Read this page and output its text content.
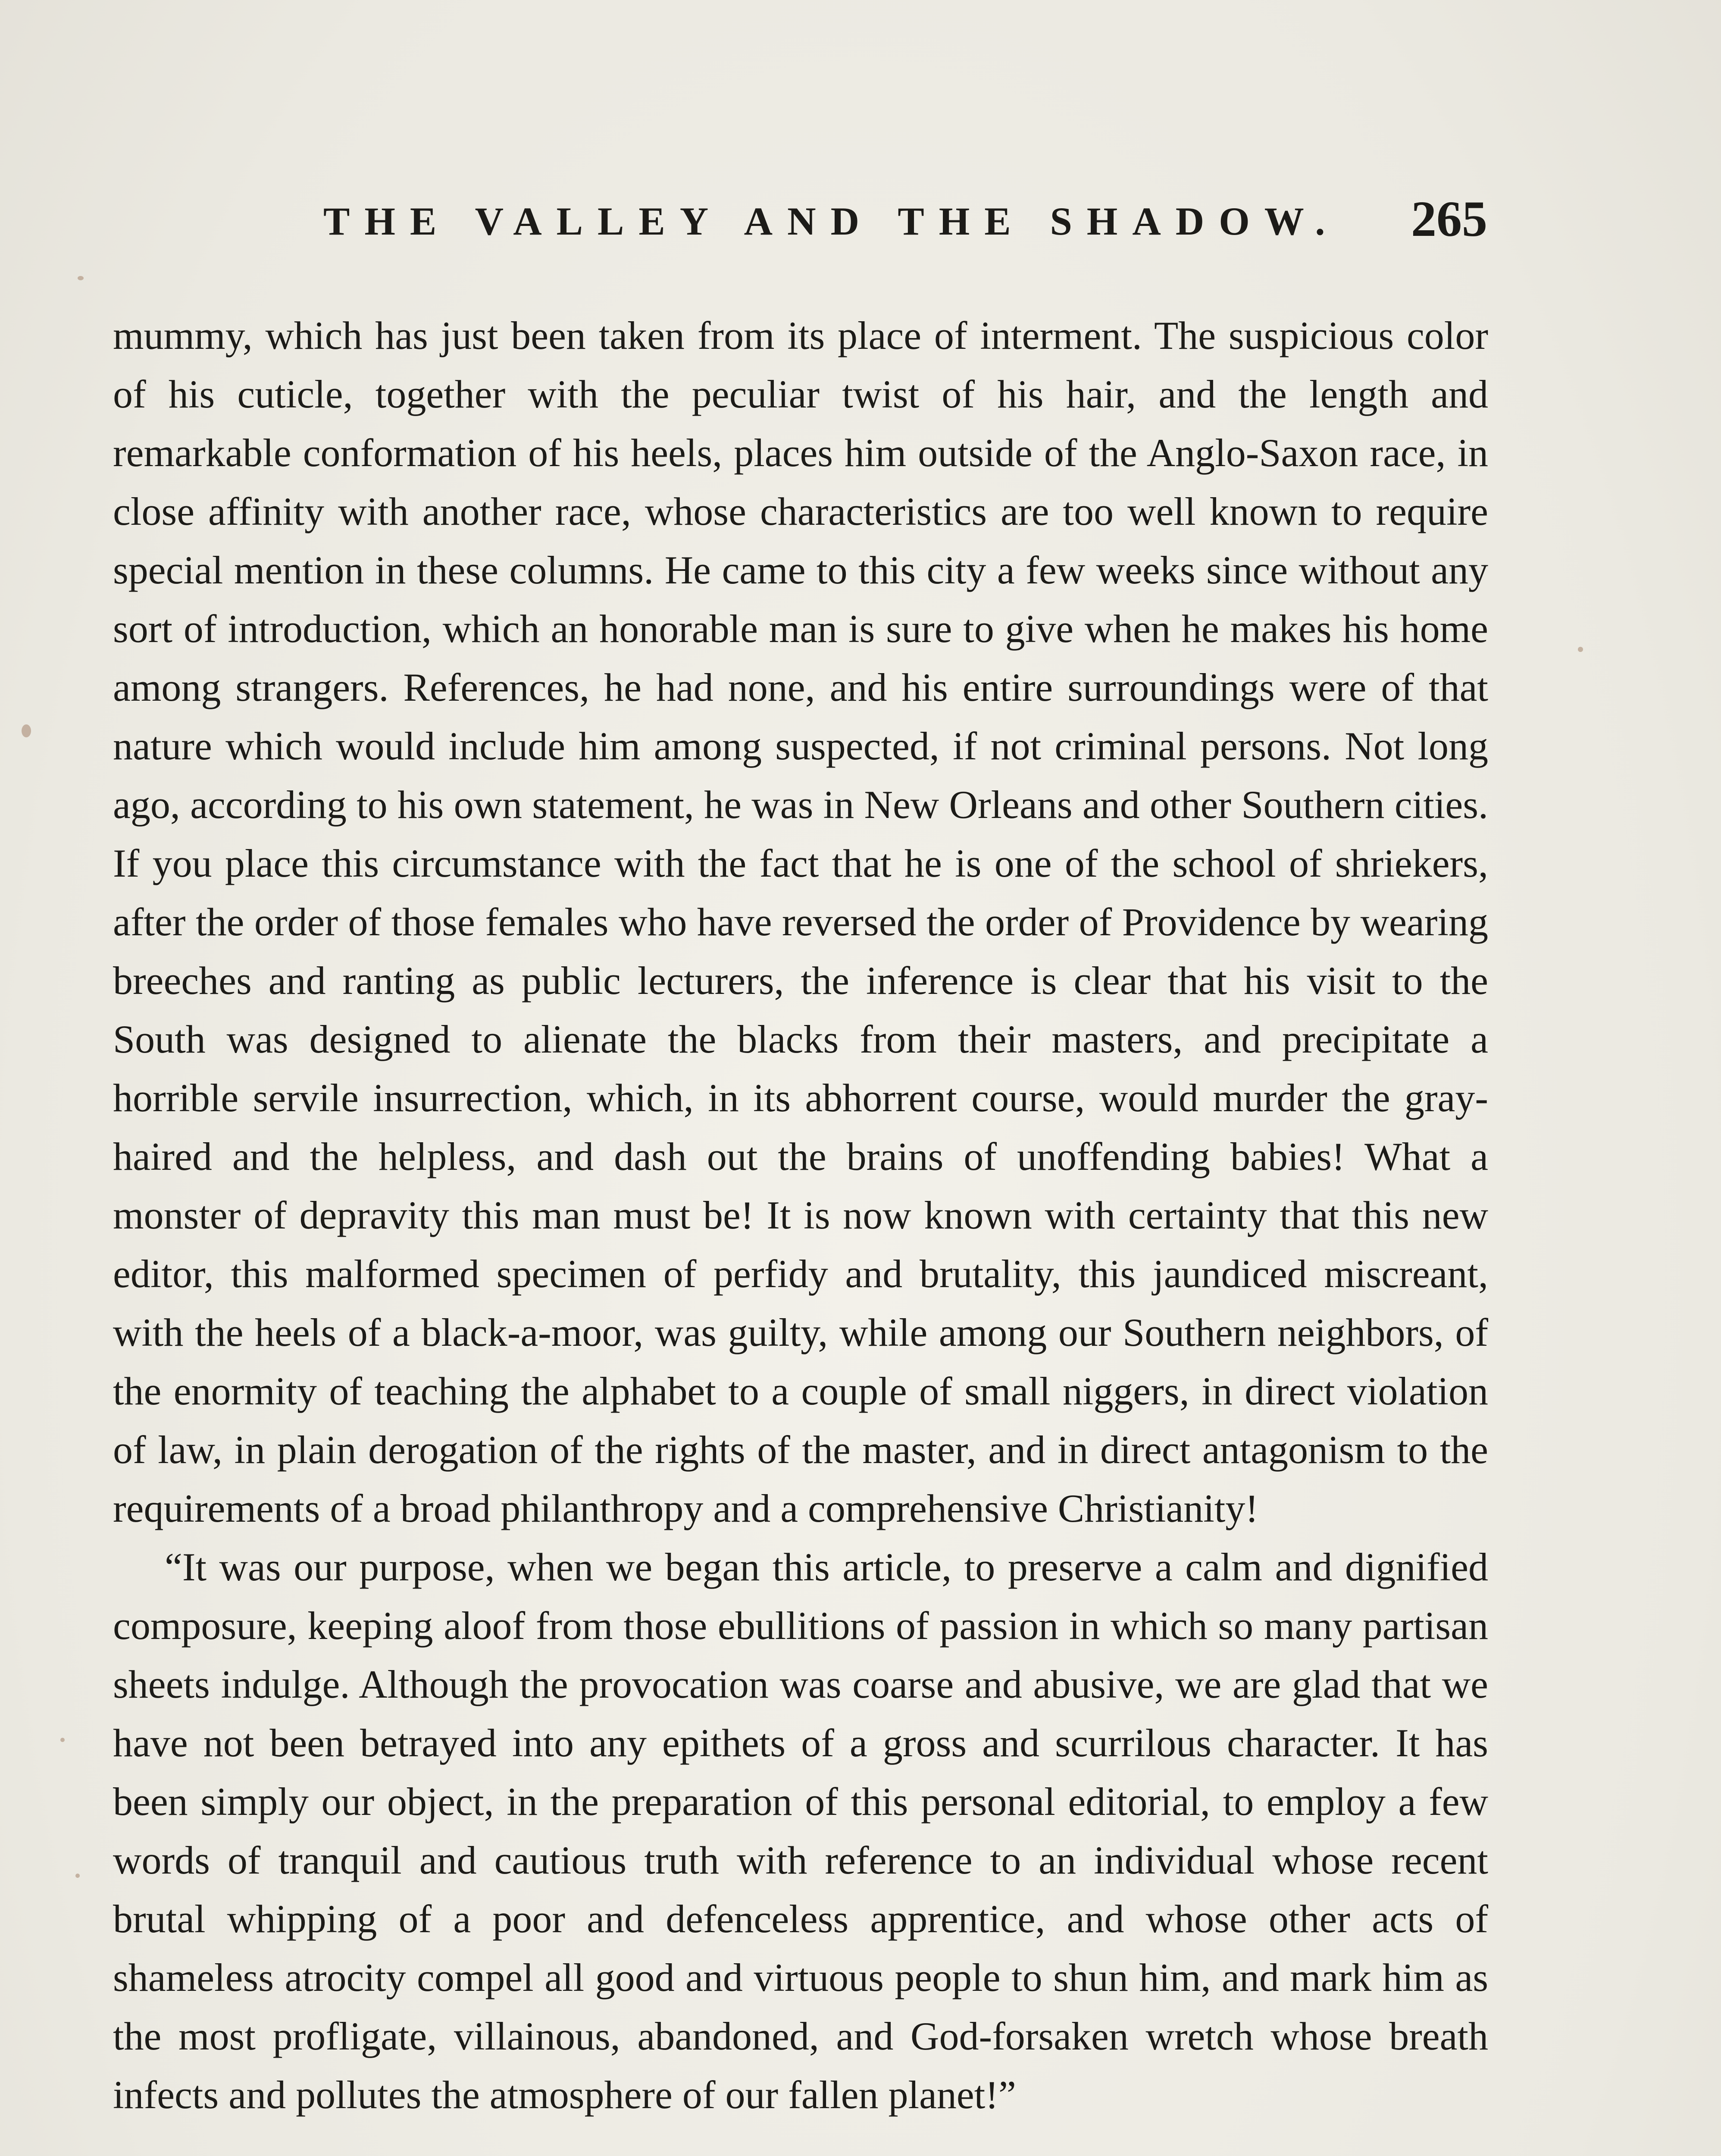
THE VALLEY AND THE SHADOW. 265

mummy, which has just been taken from its place of interment. The suspicious color of his cuticle, together with the peculiar twist of his hair, and the length and remarkable conformation of his heels, places him outside of the Anglo-Saxon race, in close affinity with another race, whose characteristics are too well known to require special mention in these columns. He came to this city a few weeks since without any sort of introduction, which an honorable man is sure to give when he makes his home among strangers. References, he had none, and his entire surroundings were of that nature which would include him among suspected, if not criminal persons. Not long ago, according to his own statement, he was in New Orleans and other Southern cities. If you place this circumstance with the fact that he is one of the school of shriekers, after the order of those females who have reversed the order of Providence by wearing breeches and ranting as public lecturers, the inference is clear that his visit to the South was designed to alienate the blacks from their masters, and precipitate a horrible servile insurrection, which, in its abhorrent course, would murder the gray-haired and the helpless, and dash out the brains of unoffending babies! What a monster of depravity this man must be! It is now known with certainty that this new editor, this malformed specimen of perfidy and brutality, this jaundiced miscreant, with the heels of a black-a-moor, was guilty, while among our Southern neighbors, of the enormity of teaching the alphabet to a couple of small niggers, in direct violation of law, in plain derogation of the rights of the master, and in direct antagonism to the requirements of a broad philanthropy and a comprehensive Christianity!

“It was our purpose, when we began this article, to preserve a calm and dignified composure, keeping aloof from those ebullitions of passion in which so many partisan sheets indulge. Although the provocation was coarse and abusive, we are glad that we have not been betrayed into any epithets of a gross and scurrilous character. It has been simply our object, in the preparation of this personal editorial, to employ a few words of tranquil and cautious truth with reference to an individual whose recent brutal whipping of a poor and defenceless apprentice, and whose other acts of shameless atrocity compel all good and virtuous people to shun him, and mark him as the most profligate, villainous, abandoned, and God-forsaken wretch whose breath infects and pollutes the atmosphere of our fallen planet!”
